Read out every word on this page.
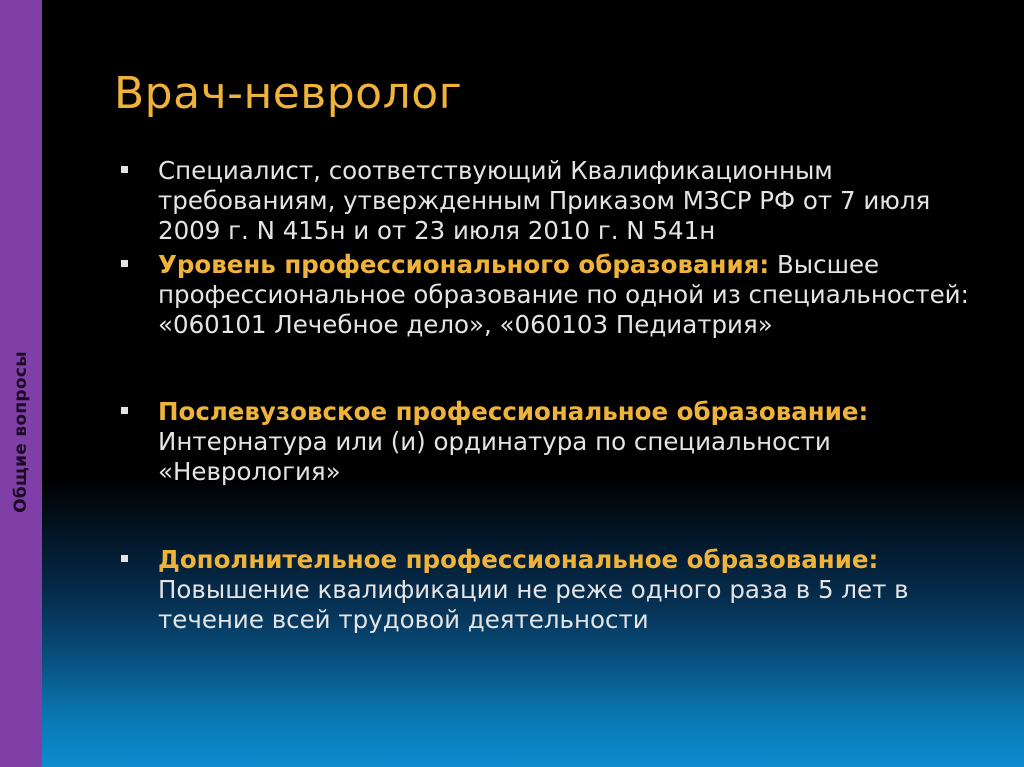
Общие вопросы
Врач-невролог
Специалист, соответствующий Квалификационным требованиям, утвержденным Приказом МЗСР РФ от 7 июля 2009 г. N 415н и от 23 июля 2010 г. N 541н
Уровень профессионального образования: Высшее профессиональное образование по одной из специальностей: «060101 Лечебное дело», «060103 Педиатрия»
Послевузовское профессиональное образование:
Интернатура или (и) ординатура по специальности «Неврология»
Дополнительное профессиональное образование:
Повышение квалификации не реже одного раза в 5 лет в течение всей трудовой деятельности
